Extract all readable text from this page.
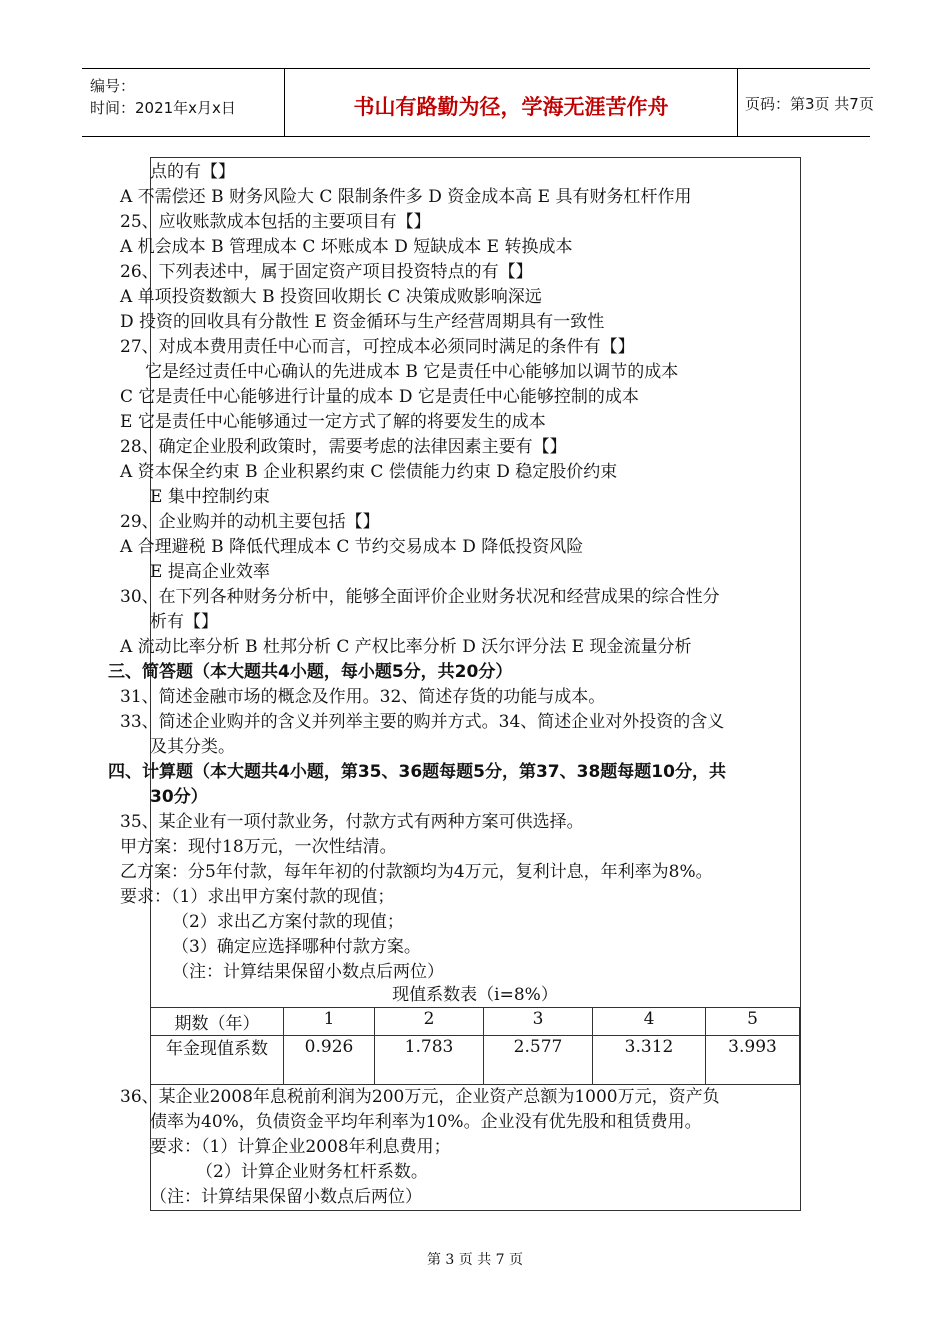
编号：
时间：2021年x月x日	书山有路勤为径，学海无涯苦作舟	页码：第3页 共7页
点的有【】
A 不需偿还 B 财务风险大 C 限制条件多 D 资金成本高 E 具有财务杠杆作用
25、应收账款成本包括的主要项目有【】
A 机会成本 B 管理成本 C 坏账成本 D 短缺成本 E 转换成本
26、下列表述中，属于固定资产项目投资特点的有【】
A 单项投资数额大 B 投资回收期长 C 决策成败影响深远
D 投资的回收具有分散性 E 资金循环与生产经营周期具有一致性
27、对成本费用责任中心而言，可控成本必须同时满足的条件有【】
它是经过责任中心确认的先进成本 B 它是责任中心能够加以调节的成本
C 它是责任中心能够进行计量的成本 D 它是责任中心能够控制的成本
E 它是责任中心能够通过一定方式了解的将要发生的成本
28、确定企业股利政策时，需要考虑的法律因素主要有【】
A 资本保全约束 B 企业积累约束 C 偿债能力约束 D 稳定股价约束
E 集中控制约束
29、企业购并的动机主要包括【】
A 合理避税 B 降低代理成本 C 节约交易成本 D 降低投资风险
E 提高企业效率
30、在下列各种财务分析中，能够全面评价企业财务状况和经营成果的综合性分
析有【】
A 流动比率分析 B 杜邦分析 C 产权比率分析 D 沃尔评分法 E 现金流量分析
三、简答题（本大题共4小题，每小题5分，共20分）
31、简述金融市场的概念及作用。32、简述存货的功能与成本。
33、简述企业购并的含义并列举主要的购并方式。34、简述企业对外投资的含义
及其分类。
四、计算题（本大题共4小题，第35、36题每题5分，第37、38题每题10分，共
30分）
35、某企业有一项付款业务，付款方式有两种方案可供选择。
甲方案：现付18万元，一次性结清。
乙方案：分5年付款，每年年初的付款额均为4万元，复利计息，年利率为8%。
要求：（1）求出甲方案付款的现值；
（2）求出乙方案付款的现值；
（3）确定应选择哪种付款方案。
（注：计算结果保留小数点后两位）
现值系数表（i=8%）
期数（年）	1	2	3	4	5
年金现值系数	0.926	1.783	2.577	3.312	3.993
36、某企业2008年息税前利润为200万元，企业资产总额为1000万元，资产负
债率为40%，负债资金平均年利率为10%。企业没有优先股和租赁费用。
要求：（1）计算企业2008年利息费用；
（2）计算企业财务杠杆系数。
（注：计算结果保留小数点后两位）
第 3 页 共 7 页
